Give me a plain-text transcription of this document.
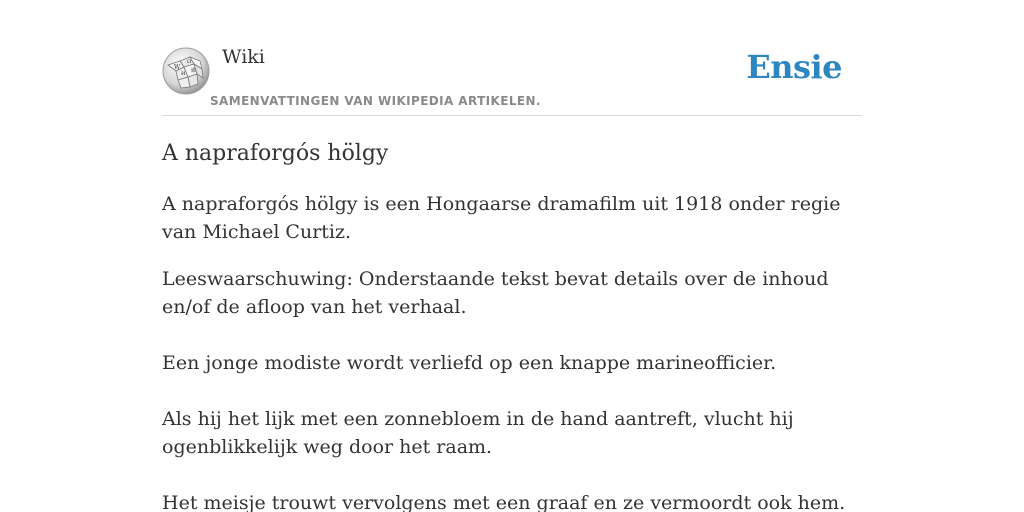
W
Ω
И 維
Wiki
SAMENVATTINGEN VAN WIKIPEDIA ARTIKELEN.
Ensie
A napraforgós hölgy

A napraforgós hölgy is een Hongaarse dramafilm uit 1918 onder regie van Michael Curtiz.

Leeswaarschuwing: Onderstaande tekst bevat details over de inhoud en/of de afloop van het verhaal.
Een jonge modiste wordt verliefd op een knappe marineofficier.
Als hij het lijk met een zonnebloem in de hand aantreft, vlucht hij ogenblikkelijk weg door het raam.
Het meisje trouwt vervolgens met een graaf en ze vermoordt ook hem.
